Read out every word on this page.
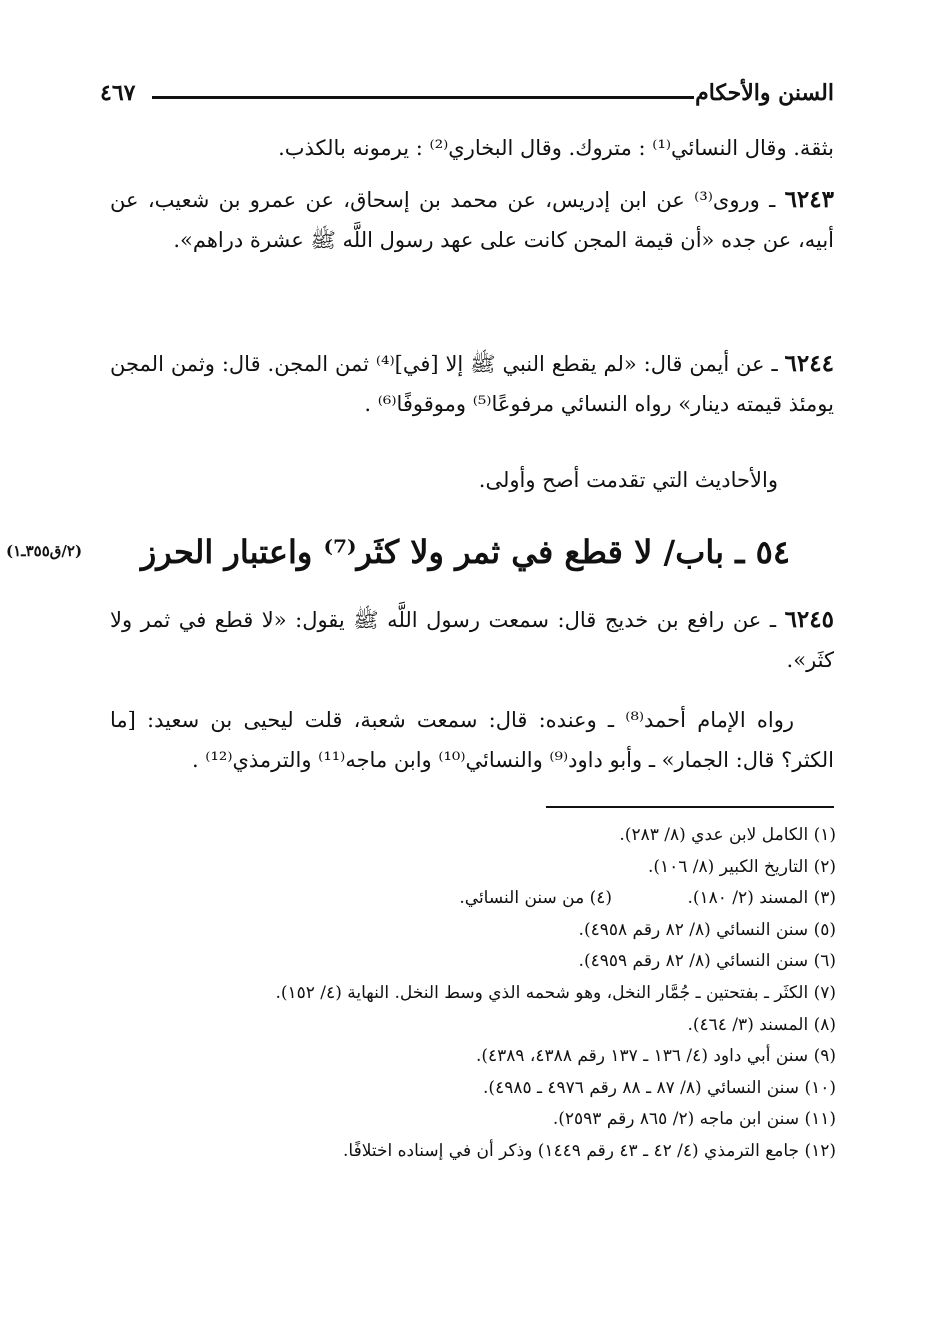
السنن والأحكام
٤٦٧
بثقة. وقال النسائي⁽¹⁾ : متروك. وقال البخاري⁽²⁾ : يرمونه بالكذب.
٦٢٤٣ ـ وروى⁽³⁾ عن ابن إدريس، عن محمد بن إسحاق، عن عمرو بن شعيب، عن أبيه، عن جده «أن قيمة المجن كانت على عهد رسول اللَّه ﷺ عشرة دراهم».
٦٢٤٤ ـ عن أيمن قال: «لم يقطع النبي ﷺ إلا [في]⁽⁴⁾ ثمن المجن. قال: وثمن المجن يومئذ قيمته دينار» رواه النسائي مرفوعًا⁽⁵⁾ وموقوفًا⁽⁶⁾ .
والأحاديث التي تقدمت أصح وأولى.
٥٤ ـ باب/ لا قطع في ثمر ولا كثَر⁽⁷⁾ واعتبار الحرز
(٢/ق٣٥٥ـ١)
٦٢٤٥ ـ عن رافع بن خديج قال: سمعت رسول اللَّه ﷺ يقول: «لا قطع في ثمر ولا كثَر».
رواه الإمام أحمد⁽⁸⁾ ـ وعنده: قال: سمعت شعبة، قلت ليحيى بن سعيد: [ما الكثر؟ قال: الجمار» ـ وأبو داود⁽⁹⁾ والنسائي⁽¹⁰⁾ وابن ماجه⁽¹¹⁾ والترمذي⁽¹²⁾ .
(١) الكامل لابن عدي (٨/ ٢٨٣).
(٢) التاريخ الكبير (٨/ ١٠٦).
(٣) المسند (٢/ ١٨٠). (٤) من سنن النسائي.
(٥) سنن النسائي (٨/ ٨٢ رقم ٤٩٥٨).
(٦) سنن النسائي (٨/ ٨٢ رقم ٤٩٥٩).
(٧) الكثَر ـ بفتحتين ـ جُمَّار النخل، وهو شحمه الذي وسط النخل. النهاية (٤/ ١٥٢).
(٨) المسند (٣/ ٤٦٤).
(٩) سنن أبي داود (٤/ ١٣٦ ـ ١٣٧ رقم ٤٣٨٨، ٤٣٨٩).
(١٠) سنن النسائي (٨/ ٨٧ ـ ٨٨ رقم ٤٩٧٦ ـ ٤٩٨٥).
(١١) سنن ابن ماجه (٢/ ٨٦٥ رقم ٢٥٩٣).
(١٢) جامع الترمذي (٤/ ٤٢ ـ ٤٣ رقم ١٤٤٩) وذكر أن في إسناده اختلافًا.
